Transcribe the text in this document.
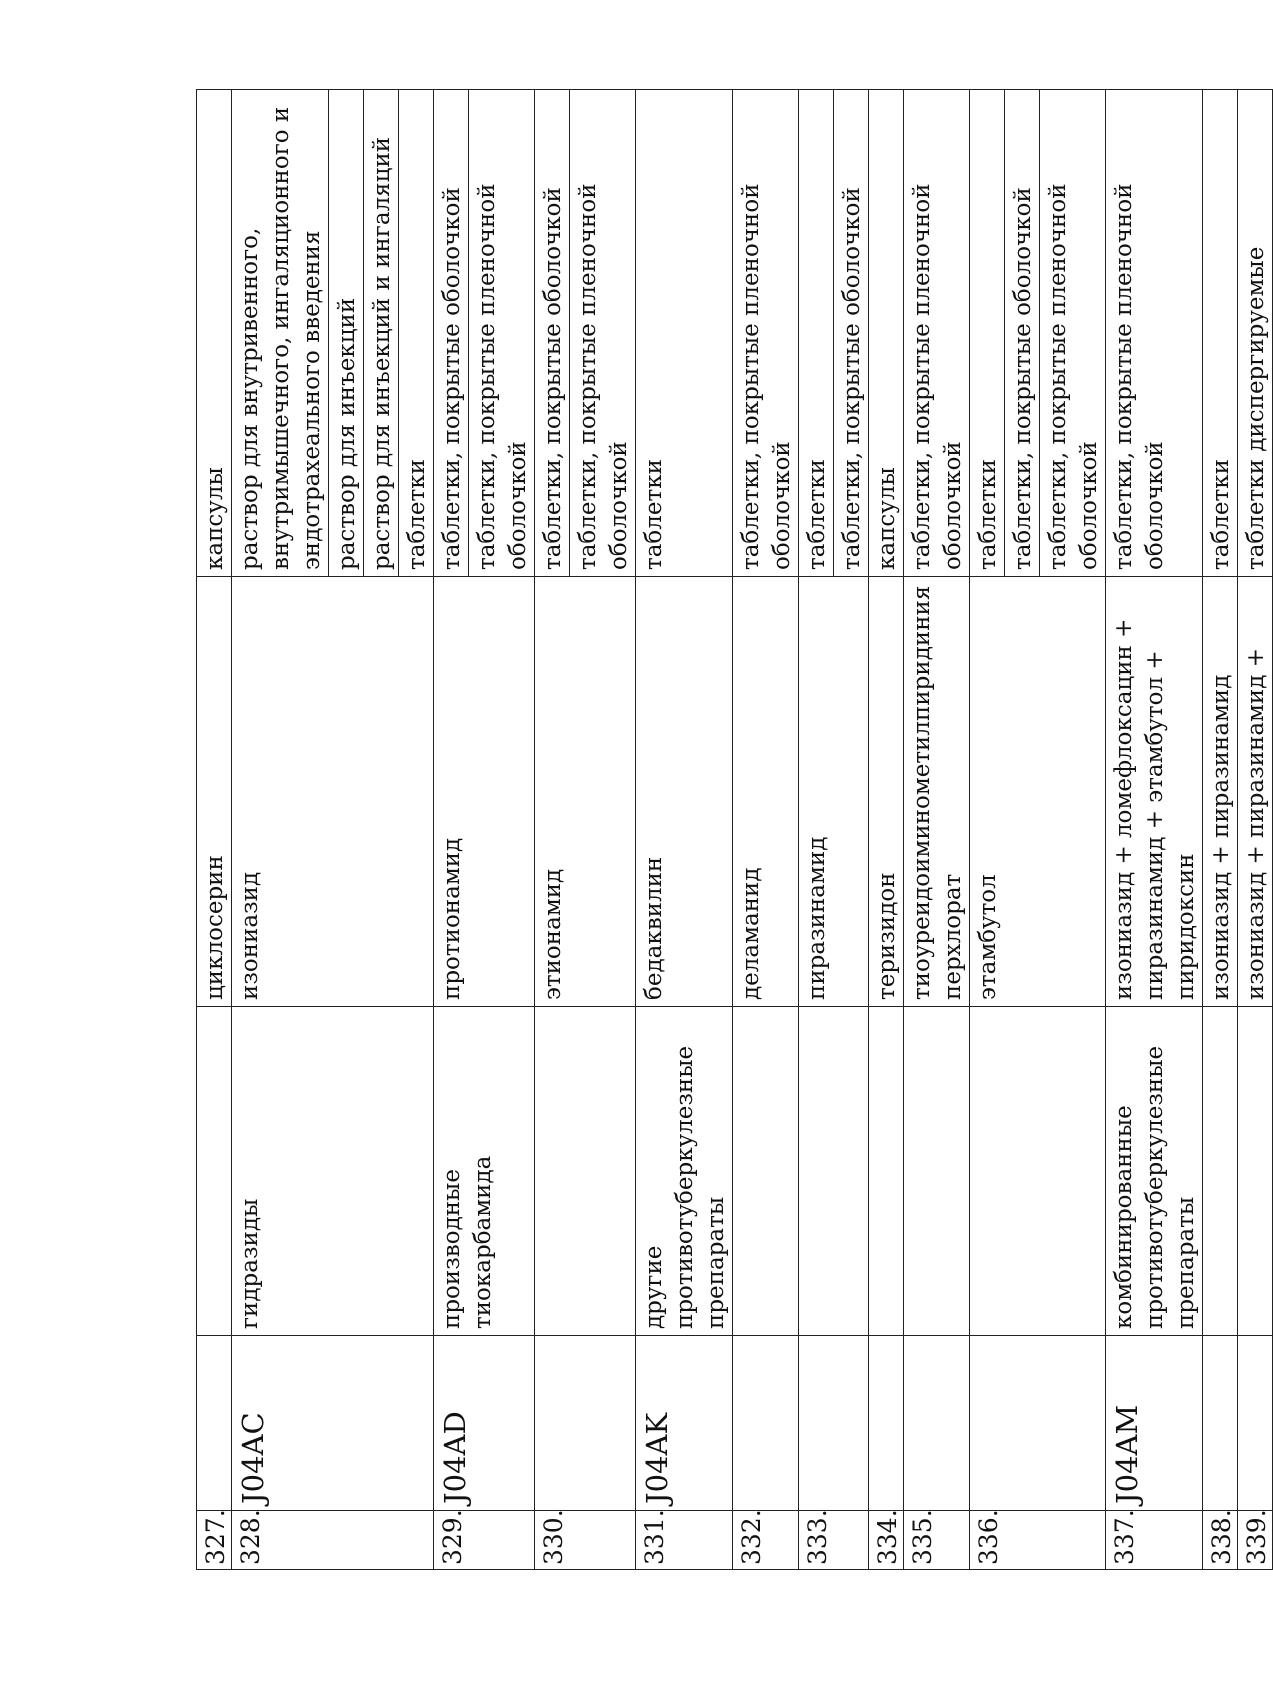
327.			циклосерин	капсулы
328.	J04AC	гидразиды	изониазид	раствор для внутривенного, внутримышечного, ингаляционного и эндотрахеального введения
				раствор для инъекций
				раствор для инъекций и ингаляций
				таблетки
329.	J04AD	производные тиокарбамида	протионамид	таблетки, покрытые оболочкой
				таблетки, покрытые пленочной оболочкой
330.			этионамид	таблетки, покрытые оболочкой
				таблетки, покрытые пленочной оболочкой
331.	J04AK	другие противотуберкулезные препараты	бедаквилин	таблетки
332.			деламанид	таблетки, покрытые пленочной оболочкой
333.			пиразинамид	таблетки
				таблетки, покрытые оболочкой
334.			теризидон	капсулы
335.			тиоуреидоиминометилпиридиния перхлорат	таблетки, покрытые пленочной оболочкой
336.			этамбутол	таблетки
				таблетки, покрытые оболочкой
				таблетки, покрытые пленочной оболочкой
337.	J04AM	комбинированные противотуберкулезные препараты	изониазид + ломефлоксацин + пиразинамид + этамбутол + пиридоксин	таблетки, покрытые пленочной оболочкой
338.			изониазид + пиразинамид	таблетки
339.			изониазид + пиразинамид +	таблетки диспергируемые
